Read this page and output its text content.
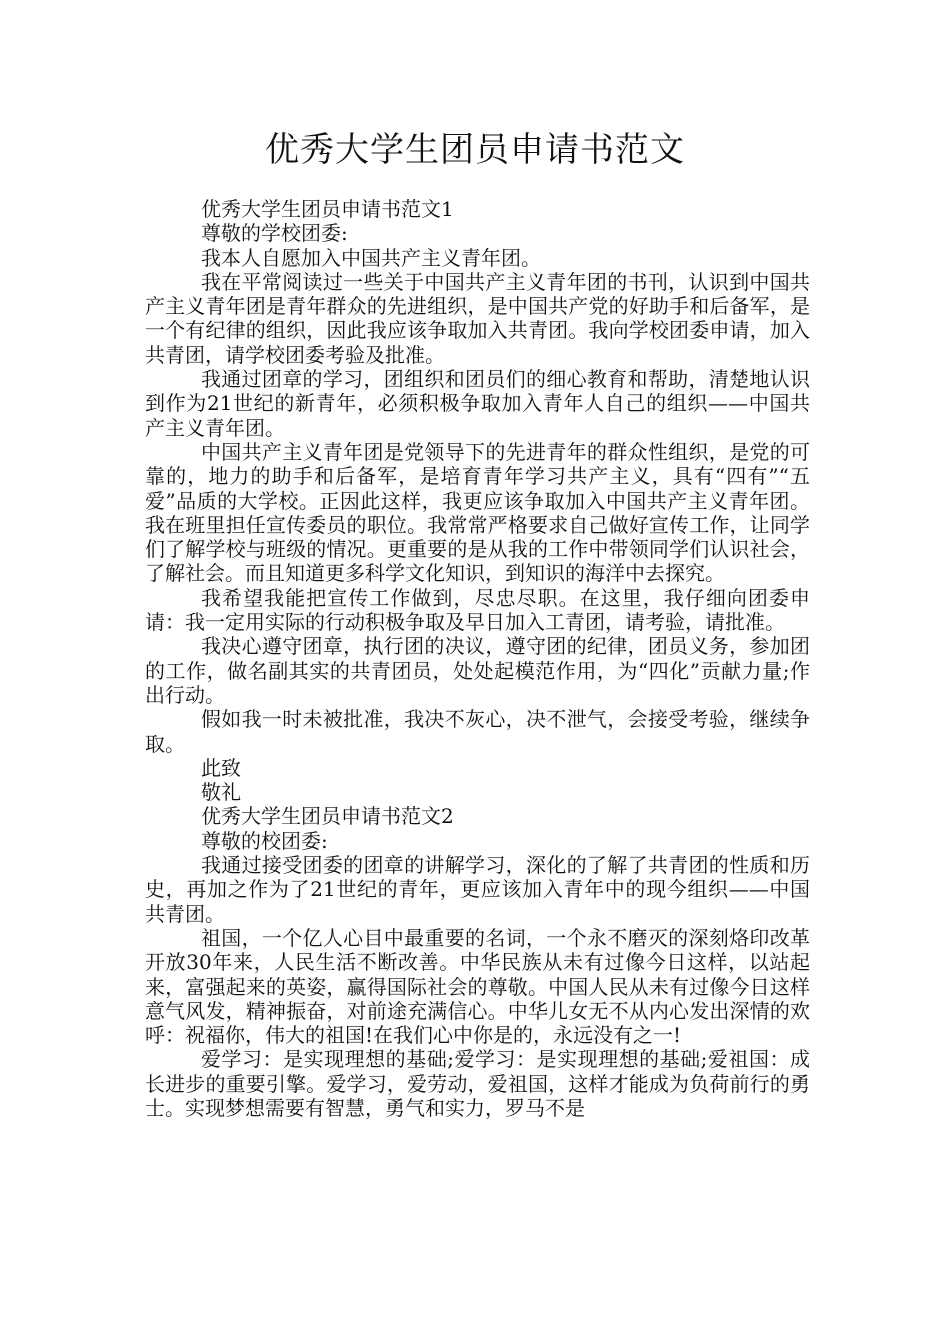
优秀大学生团员申请书范文

优秀大学生团员申请书范文1

尊敬的学校团委:

我本人自愿加入中国共产主义青年团。

我在平常阅读过一些关于中国共产主义青年团的书刊，认识到中国共产主义青年团是青年群众的先进组织，是中国共产党的好助手和后备军，是一个有纪律的组织，因此我应该争取加入共青团。我向学校团委申请，加入共青团，请学校团委考验及批准。

我通过团章的学习，团组织和团员们的细心教育和帮助，清楚地认识到作为21世纪的新青年，必须积极争取加入青年人自己的组织——中国共产主义青年团。

中国共产主义青年团是党领导下的先进青年的群众性组织，是党的可靠的，地力的助手和后备军，是培育青年学习共产主义，具有“四有”“五爱”品质的大学校。正因此这样，我更应该争取加入中国共产主义青年团。我在班里担任宣传委员的职位。我常常严格要求自己做好宣传工作，让同学们了解学校与班级的情况。更重要的是从我的工作中带领同学们认识社会，了解社会。而且知道更多科学文化知识，到知识的海洋中去探究。

我希望我能把宣传工作做到，尽忠尽职。在这里，我仔细向团委申请：我一定用实际的行动积极争取及早日加入工青团，请考验，请批准。

我决心遵守团章，执行团的决议，遵守团的纪律，团员义务，参加团的工作，做名副其实的共青团员，处处起模范作用，为“四化”贡献力量;作出行动。

假如我一时未被批准，我决不灰心，决不泄气，会接受考验，继续争取。

此致

敬礼

优秀大学生团员申请书范文2

尊敬的校团委:

我通过接受团委的团章的讲解学习，深化的了解了共青团的性质和历史，再加之作为了21世纪的青年，更应该加入青年中的现今组织——中国共青团。

祖国，一个亿人心目中最重要的名词，一个永不磨灭的深刻烙印改革开放30年来，人民生活不断改善。中华民族从未有过像今日这样，以站起来，富强起来的英姿，赢得国际社会的尊敬。中国人民从未有过像今日这样意气风发，精神振奋，对前途充满信心。中华儿女无不从内心发出深情的欢呼：祝福你，伟大的祖国!在我们心中你是的，永远没有之一!

爱学习：是实现理想的基础;爱学习：是实现理想的基础;爱祖国：成长进步的重要引擎。爱学习，爱劳动，爱祖国，这样才能成为负荷前行的勇士。实现梦想需要有智慧，勇气和实力，罗马不是
